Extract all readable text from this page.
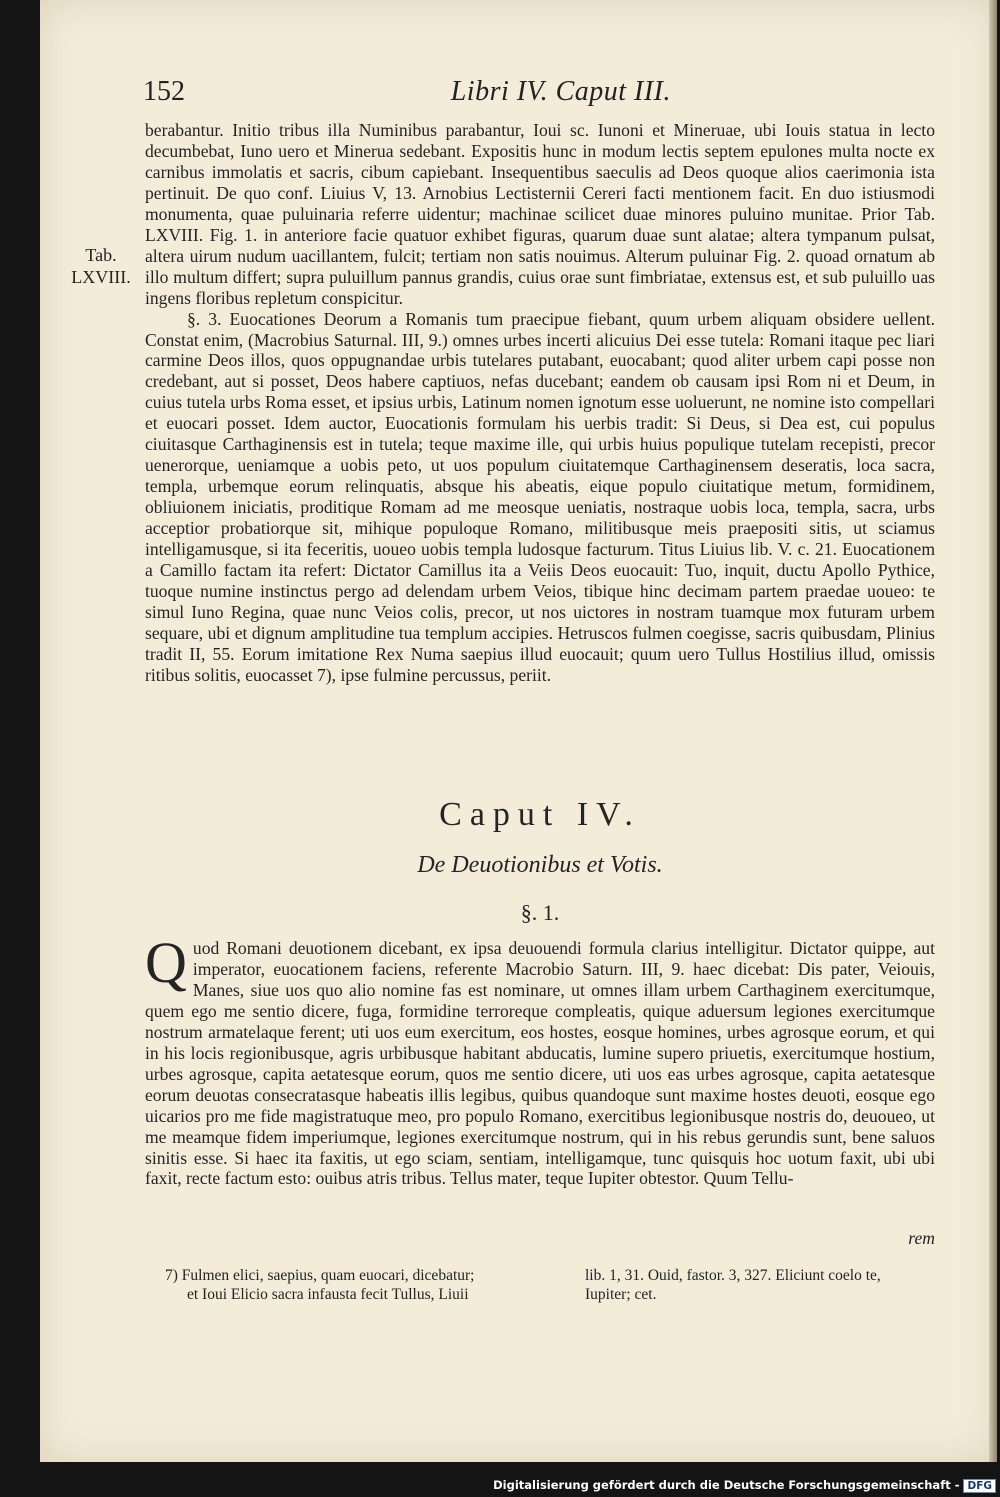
152	Libri IV. Caput III.
Tab.
LXVIII.

berabantur. Initio tribus illa Numinibus parabantur, Ioui sc. Iunoni et Mineruae, ubi Iouis statua in lecto decumbebat, Iuno uero et Minerua sedebant. Expositis hunc in modum lectis septem epulones multa nocte ex carnibus immolatis et sacris, cibum capiebant. Insequentibus saeculis ad Deos quoque alios caerimonia ista pertinuit. De quo conf. Liuius V, 13. Arnobius Lectisternii Cereri facti mentionem facit. En duo istiusmodi monumenta, quae puluinaria referre uidentur; machinae scilicet duae minores puluino munitae. Prior Tab. LXVIII. Fig. 1. in anteriore facie quatuor exhibet figuras, quarum duae sunt alatae; altera tympanum pulsat, altera uirum nudum uacillantem, fulcit; tertiam non satis nouimus. Alterum puluinar Fig. 2. quoad ornatum ab illo multum differt; supra puluillum pannus grandis, cuius orae sunt fimbriatae, extensus est, et sub puluillo uas ingens floribus repletum conspicitur.

§. 3. Euocationes Deorum a Romanis tum praecipue fiebant, quum urbem aliquam obsidere uellent. Constat enim, (Macrobius Saturnal. III, 9.) omnes urbes incerti alicuius Dei esse tutela: Romani itaque pec liari carmine Deos illos, quos oppugnandae urbis tutelares putabant, euocabant; quod aliter urbem capi posse non credebant, aut si posset, Deos habere captiuos, nefas ducebant; eandem ob causam ipsi Rom ni et Deum, in cuius tutela urbs Roma esset, et ipsius urbis, Latinum nomen ignotum esse uoluerunt, ne nomine isto compellari et euocari posset. Idem auctor, Euocationis formulam his uerbis tradit: Si Deus, si Dea est, cui populus ciuitasque Carthaginensis est in tutela; teque maxime ille, qui urbis huius populique tutelam recepisti, precor uenerorque, ueniamque a uobis peto, ut uos populum ciuitatemque Carthaginensem deseratis, loca sacra, templa, urbemque eorum relinquatis, absque his abeatis, eique populo ciuitatique metum, formidinem, obliuionem iniciatis, proditique Romam ad me meosque ueniatis, nostraque uobis loca, templa, sacra, urbs acceptior probatiorque sit, mihique populoque Romano, militibusque meis praepositi sitis, ut sciamus intelligamusque, si ita feceritis, uoueo uobis templa ludosque facturum. Titus Liuius lib. V. c. 21. Euocationem a Camillo factam ita refert: Dictator Camillus ita a Veiis Deos euocauit: Tuo, inquit, ductu Apollo Pythice, tuoque numine instinctus pergo ad delendam urbem Veios, tibique hinc decimam partem praedae uoueo: te simul Iuno Regina, quae nunc Veios colis, precor, ut nos uictores in nostram tuamque mox futuram urbem sequare, ubi et dignum amplitudine tua templum accipies. Hetruscos fulmen coegisse, sacris quibusdam, Plinius tradit II, 55. Eorum imitatione Rex Numa saepius illud euocauit; quum uero Tullus Hostilius illud, omissis ritibus solitis, euocasset 7), ipse fulmine percussus, periit.

Caput IV.
De Deuotionibus et Votis.
§. 1.
Q uod Romani deuotionem dicebant, ex ipsa deuouendi formula clarius intelligitur. Dictator quippe, aut imperator, euocationem faciens, referente Macrobio Saturn. III, 9. haec dicebat: Dis pater, Veiouis, Manes, siue uos quo alio nomine fas est nominare, ut omnes illam urbem Carthaginem exercitumque, quem ego me sentio dicere, fuga, formidine terroreque compleatis, quique aduersum legiones exercitumque nostrum armatelaque ferent; uti uos eum exercitum, eos hostes, eosque homines, urbes agrosque eorum, et qui in his locis regionibusque, agris urbibusque habitant abducatis, lumine supero priuetis, exercitumque hostium, urbes agrosque, capita aetatesque eorum, quos me sentio dicere, uti uos eas urbes agrosque, capita aetatesque eorum deuotas consecratasque habeatis illis legibus, quibus quandoque sunt maxime hostes deuoti, eosque ego uicarios pro me fide magistratuque meo, pro populo Romano, exercitibus legionibusque nostris do, deuoueo, ut me meamque fidem imperiumque, legiones exercitumque nostrum, qui in his rebus gerundis sunt, bene saluos sinitis esse. Si haec ita faxitis, ut ego sciam, sentiam, intelligamque, tunc quisquis hoc uotum faxit, ubi ubi faxit, recte factum esto: ouibus atris tribus. Tellus mater, teque Iupiter obtestor. Quum Tellu-

rem
7) Fulmen elici, saepius, quam euocari, dicebatur;
et Ioui Elicio sacra infausta fecit Tullus, Liuii
lib. 1, 31. Ouid, fastor. 3, 327. Eliciunt coelo te,
Iupiter; cet.
Digitalisierung gefördert durch die Deutsche Forschungsgemeinschaft - DFG
